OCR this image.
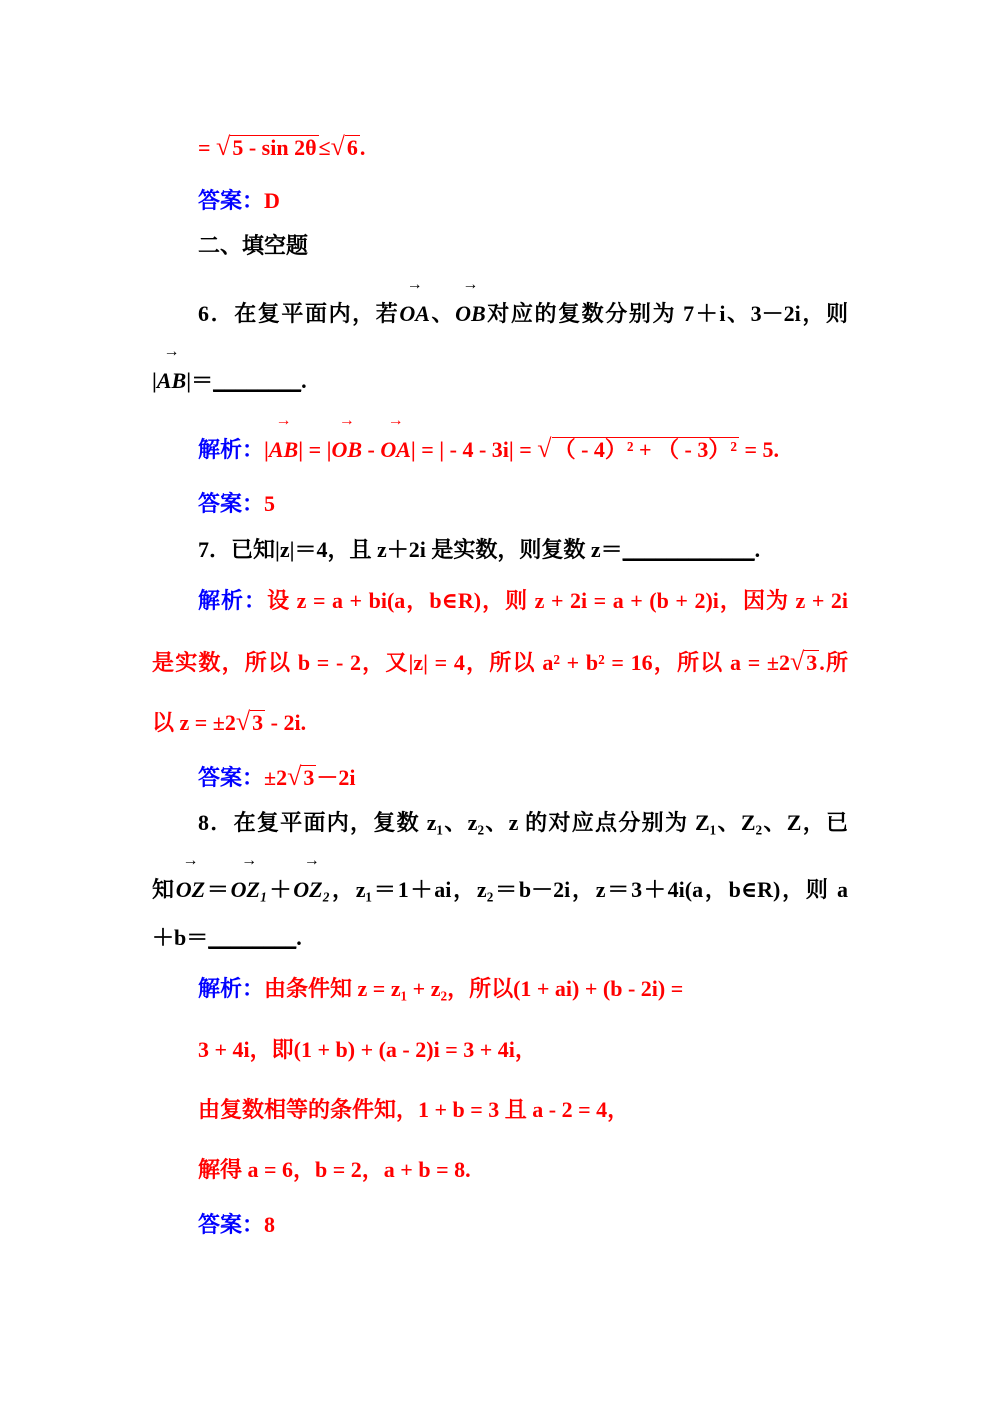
= √5 - sin 2θ≤√6.
答案：D
二、填空题
6．在复平面内，若→ OA、→ OB对应的复数分别为 7＋i、3－2i，则
|→ AB|＝________.
解析：|→ AB| = |→ OB - → OA| = | - 4 - 3i| = √（ - 4）² + （ - 3）² = 5.
答案：5
7．已知|z|＝4，且 z＋2i 是实数，则复数 z＝____________.
解析：设 z = a + bi(a，b∈R)，则 z + 2i = a + (b + 2)i，因为 z + 2i
是实数，所以 b = - 2，又|z| = 4，所以 a² + b² = 16，所以 a = ±2√3.所
以 z = ±2√3 - 2i.
答案：±2√3－2i
8．在复平面内，复数 z₁、z₂、z 的对应点分别为 Z₁、Z₂、Z，已
知→ OZ＝→ OZ₁＋→ OZ₂，z₁＝1＋ai，z₂＝b－2i，z＝3＋4i(a，b∈R)，则 a
＋b＝________.
解析：由条件知 z = z₁ + z₂，所以(1 + ai) + (b - 2i) =
3 + 4i，即(1 + b) + (a - 2)i = 3 + 4i，
由复数相等的条件知，1 + b = 3 且 a - 2 = 4，
解得 a = 6，b = 2，a + b = 8.
答案：8
